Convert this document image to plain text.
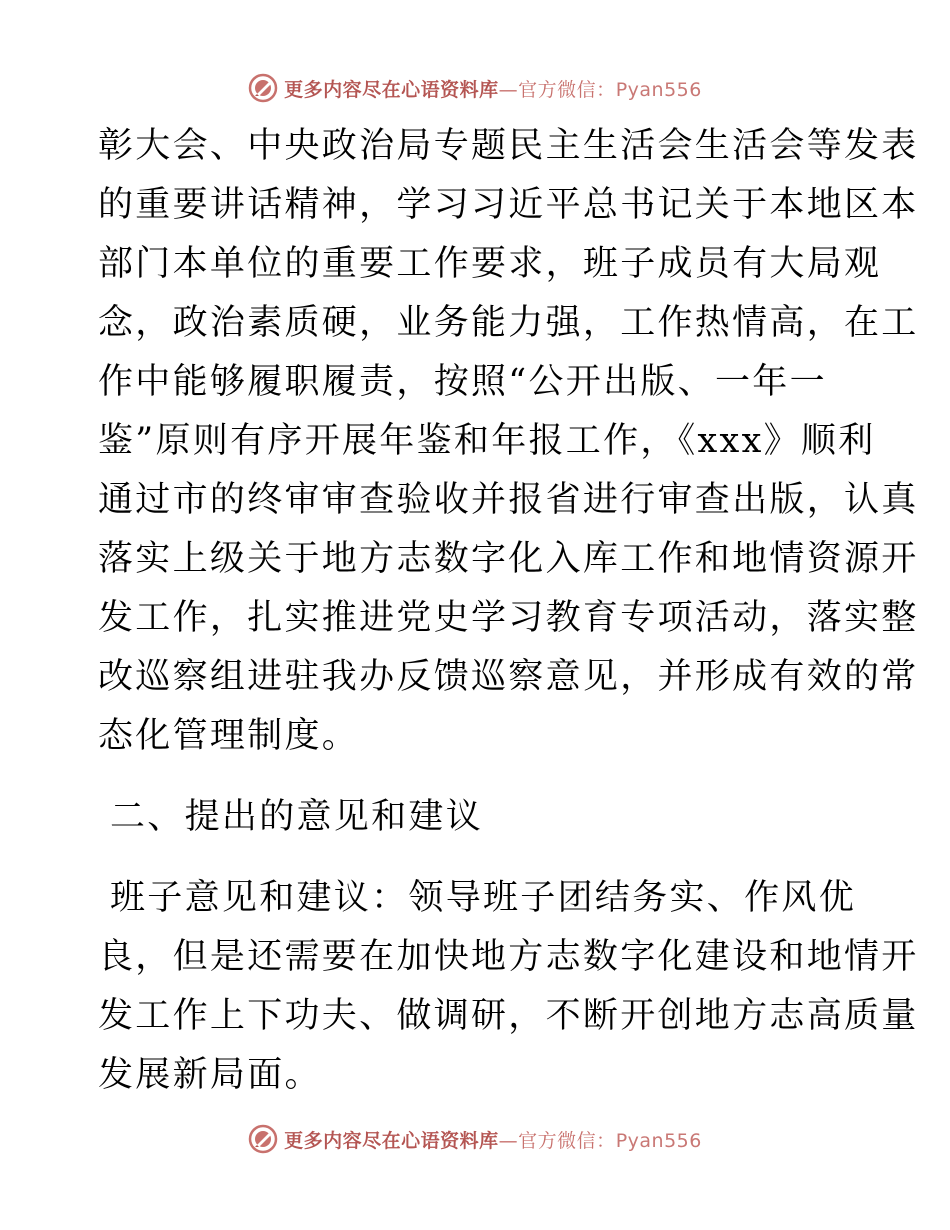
更多内容尽在心语资料库—官方微信：Pyan556
彰大会、中央政治局专题民主生活会生活会等发表
的重要讲话精神，学习习近平总书记关于本地区本
部门本单位的重要工作要求，班子成员有大局观
念，政治素质硬，业务能力强，工作热情高，在工
作中能够履职履责，按照“公开出版、一年一
鉴”原则有序开展年鉴和年报工作，《xxx》顺利
通过市的终审审查验收并报省进行审查出版，认真
落实上级关于地方志数字化入库工作和地情资源开
发工作，扎实推进党史学习教育专项活动，落实整
改巡察组进驻我办反馈巡察意见，并形成有效的常
态化管理制度。
二、提出的意见和建议
班子意见和建议：领导班子团结务实、作风优
良，但是还需要在加快地方志数字化建设和地情开
发工作上下功夫、做调研，不断开创地方志高质量
发展新局面。
更多内容尽在心语资料库—官方微信：Pyan556
